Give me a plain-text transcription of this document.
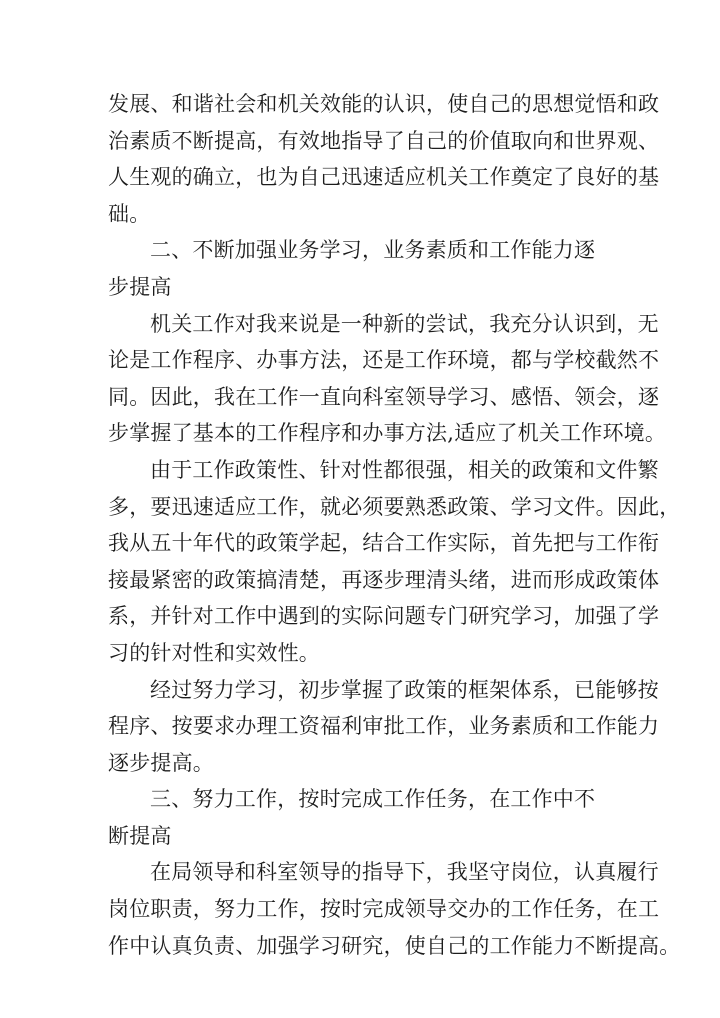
发展、和谐社会和机关效能的认识，使自己的思想觉悟和政
治素质不断提高，有效地指导了自己的价值取向和世界观、
人生观的确立，也为自己迅速适应机关工作奠定了良好的基
础。

二、不断加强业务学习，业务素质和工作能力逐步提高

机关工作对我来说是一种新的尝试，我充分认识到，无
论是工作程序、办事方法，还是工作环境，都与学校截然不
同。因此，我在工作一直向科室领导学习、感悟、领会，逐
步掌握了基本的工作程序和办事方法,适应了机关工作环境。

由于工作政策性、针对性都很强，相关的政策和文件繁
多，要迅速适应工作，就必须要熟悉政策、学习文件。因此，
我从五十年代的政策学起，结合工作实际，首先把与工作衔
接最紧密的政策搞清楚，再逐步理清头绪，进而形成政策体
系，并针对工作中遇到的实际问题专门研究学习，加强了学
习的针对性和实效性。

经过努力学习，初步掌握了政策的框架体系，已能够按
程序、按要求办理工资福利审批工作，业务素质和工作能力
逐步提高。

三、努力工作，按时完成工作任务，在工作中不断提高

在局领导和科室领导的指导下，我坚守岗位，认真履行
岗位职责，努力工作，按时完成领导交办的工作任务，在工
作中认真负责、加强学习研究，使自己的工作能力不断提高。
